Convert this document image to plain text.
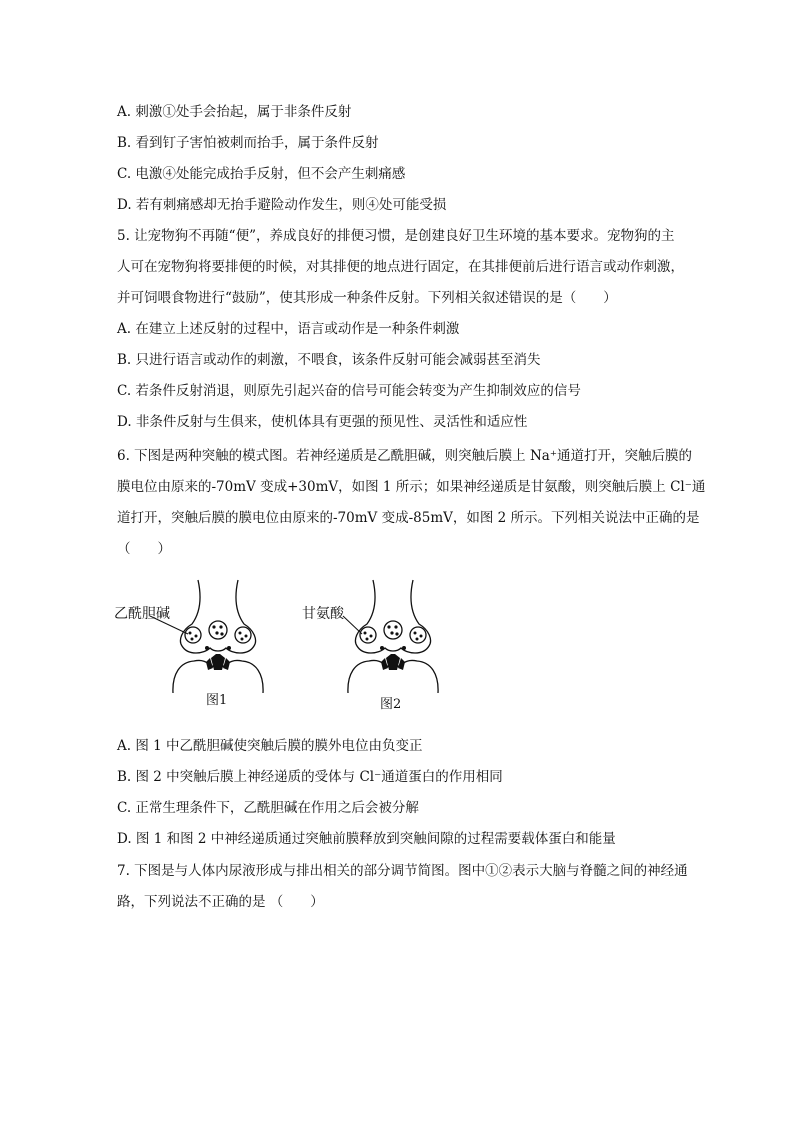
A. 刺激①处手会抬起，属于非条件反射
B. 看到钉子害怕被刺而抬手，属于条件反射
C. 电激④处能完成抬手反射，但不会产生刺痛感
D. 若有刺痛感却无抬手避险动作发生，则④处可能受损
5. 让宠物狗不再随“便”，养成良好的排便习惯，是创建良好卫生环境的基本要求。宠物狗的主
人可在宠物狗将要排便的时候，对其排便的地点进行固定，在其排便前后进行语言或动作刺激，
并可饲喂食物进行“鼓励”，使其形成一种条件反射。下列相关叙述错误的是（　　）
A. 在建立上述反射的过程中，语言或动作是一种条件刺激
B. 只进行语言或动作的刺激，不喂食，该条件反射可能会减弱甚至消失
C. 若条件反射消退，则原先引起兴奋的信号可能会转变为产生抑制效应的信号
D. 非条件反射与生俱来，使机体具有更强的预见性、灵活性和适应性
6. 下图是两种突触的模式图。若神经递质是乙酰胆碱，则突触后膜上 Na⁺通道打开，突触后膜的
膜电位由原来的-70mV 变成+30mV，如图 1 所示；如果神经递质是甘氨酸，则突触后膜上 Cl⁻通
道打开，突触后膜的膜电位由原来的-70mV 变成-85mV，如图 2 所示。下列相关说法中正确的是
（　　）
乙酰胆碱
图1
甘氨酸
图2
A. 图 1 中乙酰胆碱使突触后膜的膜外电位由负变正
B. 图 2 中突触后膜上神经递质的受体与 Cl⁻通道蛋白的作用相同
C. 正常生理条件下，乙酰胆碱在作用之后会被分解
D. 图 1 和图 2 中神经递质通过突触前膜释放到突触间隙的过程需要载体蛋白和能量
7. 下图是与人体内尿液形成与排出相关的部分调节简图。图中①②表示大脑与脊髓之间的神经通
路，下列说法不正确的是 （　　）
